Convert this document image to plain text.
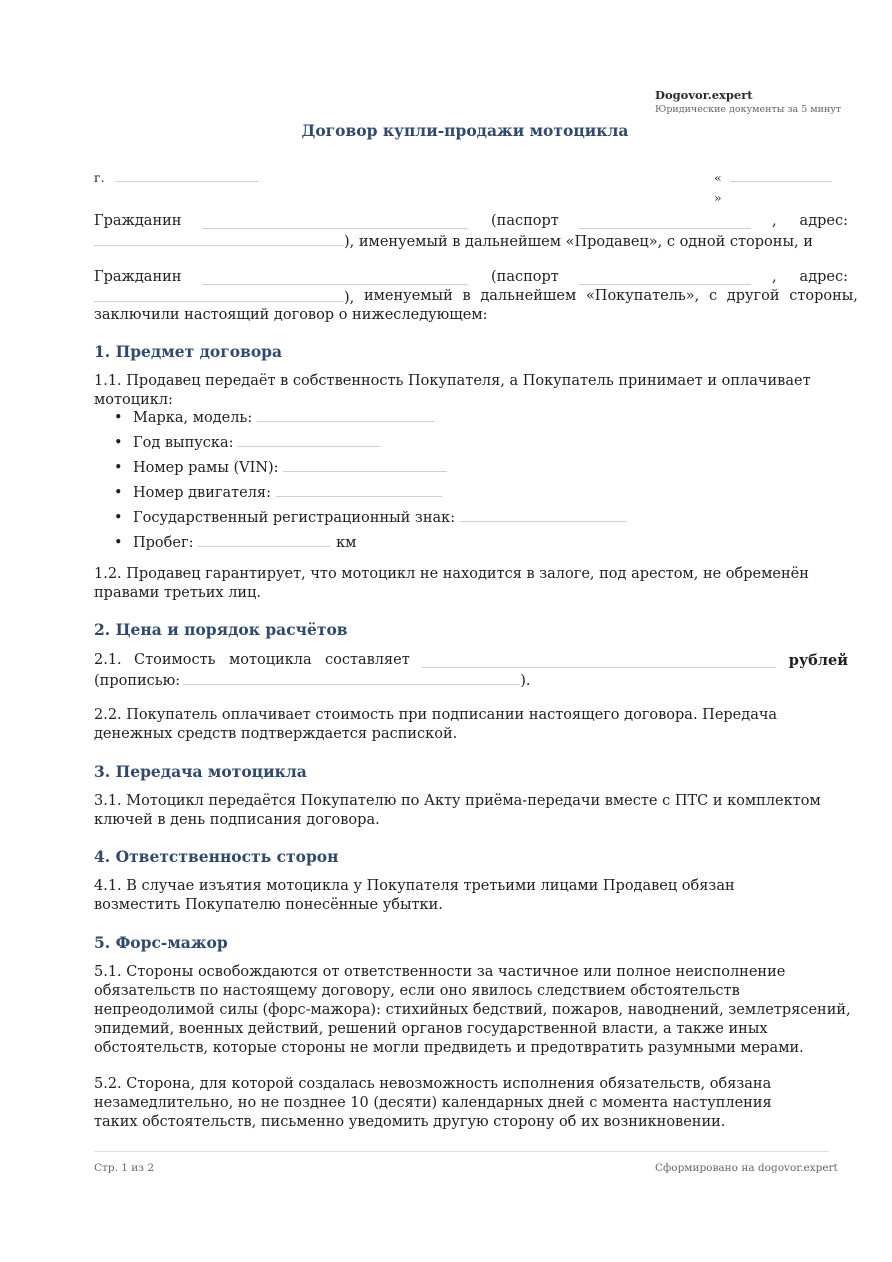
Dogovor.expert
Юридические документы за 5 минут
Договор купли-продажи мотоцикла
г.	«  »
Гражданин	(паспорт	, адрес:
), именуемый в дальнейшем «Продавец», с одной стороны, и
Гражданин	(паспорт	, адрес:
), именуемый в дальнейшем «Покупатель», с другой стороны,
заключили настоящий договор о нижеследующем:
1. Предмет договора
1.1. Продавец передаёт в собственность Покупателя, а Покупатель принимает и оплачивает мотоцикл:
• Марка, модель:
• Год выпуска:
• Номер рамы (VIN):
• Номер двигателя:
• Государственный регистрационный знак:
• Пробег:	км
1.2. Продавец гарантирует, что мотоцикл не находится в залоге, под арестом, не обременён правами третьих лиц.
2. Цена и порядок расчётов
2.1. Стоимость мотоцикла составляет	рублей
(прописью:	).
2.2. Покупатель оплачивает стоимость при подписании настоящего договора. Передача денежных средств подтверждается распиской.
3. Передача мотоцикла
3.1. Мотоцикл передаётся Покупателю по Акту приёма-передачи вместе с ПТС и комплектом ключей в день подписания договора.
4. Ответственность сторон
4.1. В случае изъятия мотоцикла у Покупателя третьими лицами Продавец обязан возместить Покупателю понесённые убытки.
5. Форс-мажор
5.1. Стороны освобождаются от ответственности за частичное или полное неисполнение обязательств по настоящему договору, если оно явилось следствием обстоятельств непреодолимой силы (форс-мажора): стихийных бедствий, пожаров, наводнений, землетрясений, эпидемий, военных действий, решений органов государственной власти, а также иных обстоятельств, которые стороны не могли предвидеть и предотвратить разумными мерами.
5.2. Сторона, для которой создалась невозможность исполнения обязательств, обязана незамедлительно, но не позднее 10 (десяти) календарных дней с момента наступления таких обстоятельств, письменно уведомить другую сторону об их возникновении.
Стр. 1 из 2	Сформировано на dogovor.expert
